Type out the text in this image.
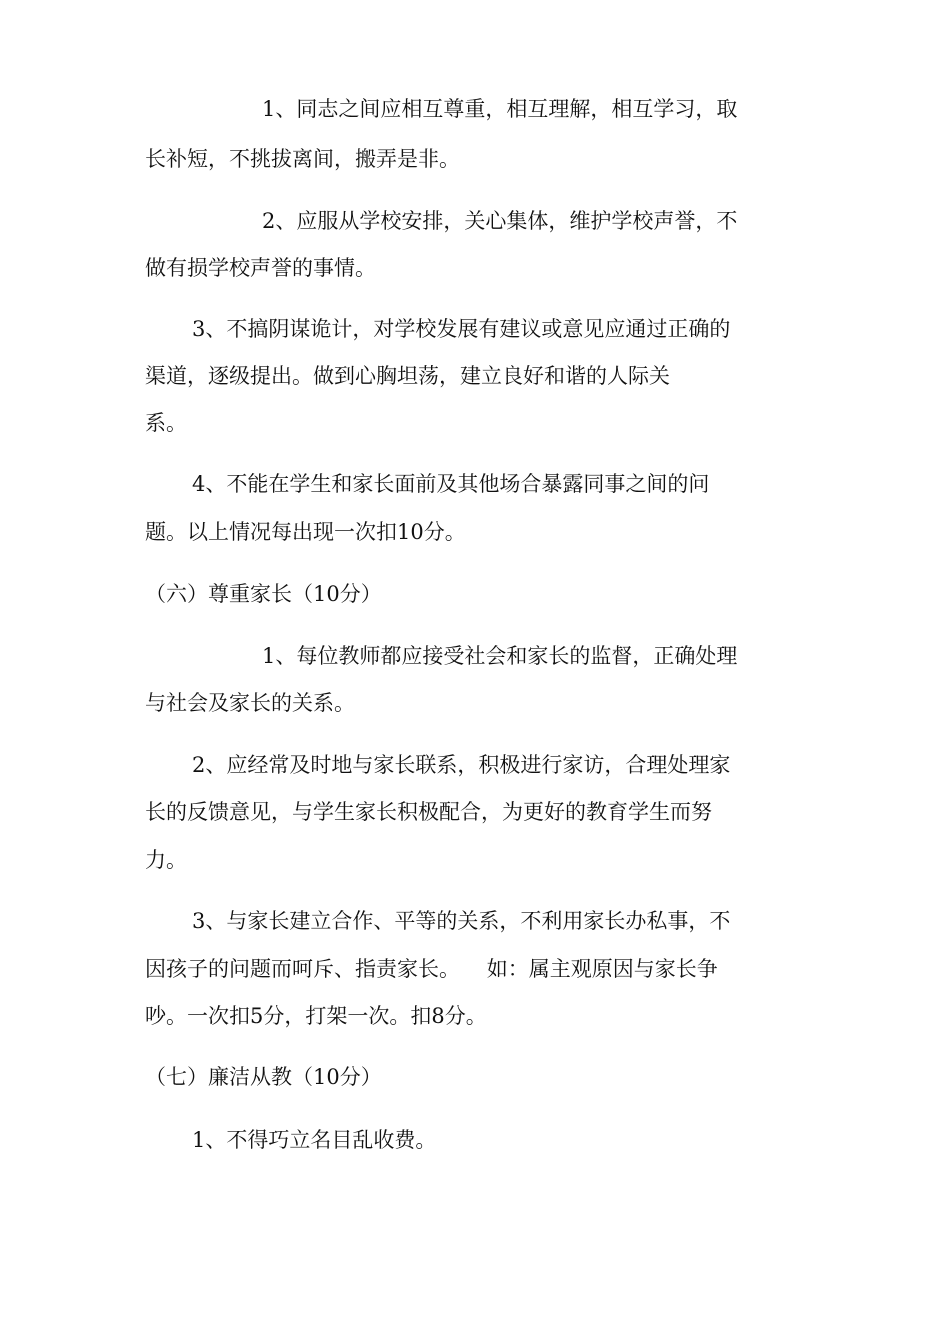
1、同志之间应相互尊重，相互理解，相互学习，取

长补短，不挑拔离间，搬弄是非。

2、应服从学校安排，关心集体，维护学校声誉，不

做有损学校声誉的事情。

3、不搞阴谋诡计，对学校发展有建议或意见应通过正确的

渠道，逐级提出。做到心胸坦荡，建立良好和谐的人际关

系。

4、不能在学生和家长面前及其他场合暴露同事之间的问

题。以上情况每出现一次扣10分。

（六）尊重家长（10分）

1、每位教师都应接受社会和家长的监督，正确处理

与社会及家长的关系。

2、应经常及时地与家长联系，积极进行家访，合理处理家

长的反馈意见，与学生家长积极配合，为更好的教育学生而努

力。

3、与家长建立合作、平等的关系，不利用家长办私事，不

因孩子的问题而呵斥、指责家长。    如：属主观原因与家长争

吵。一次扣5分，打架一次。扣8分。

（七）廉洁从教（10分）

1、不得巧立名目乱收费。
